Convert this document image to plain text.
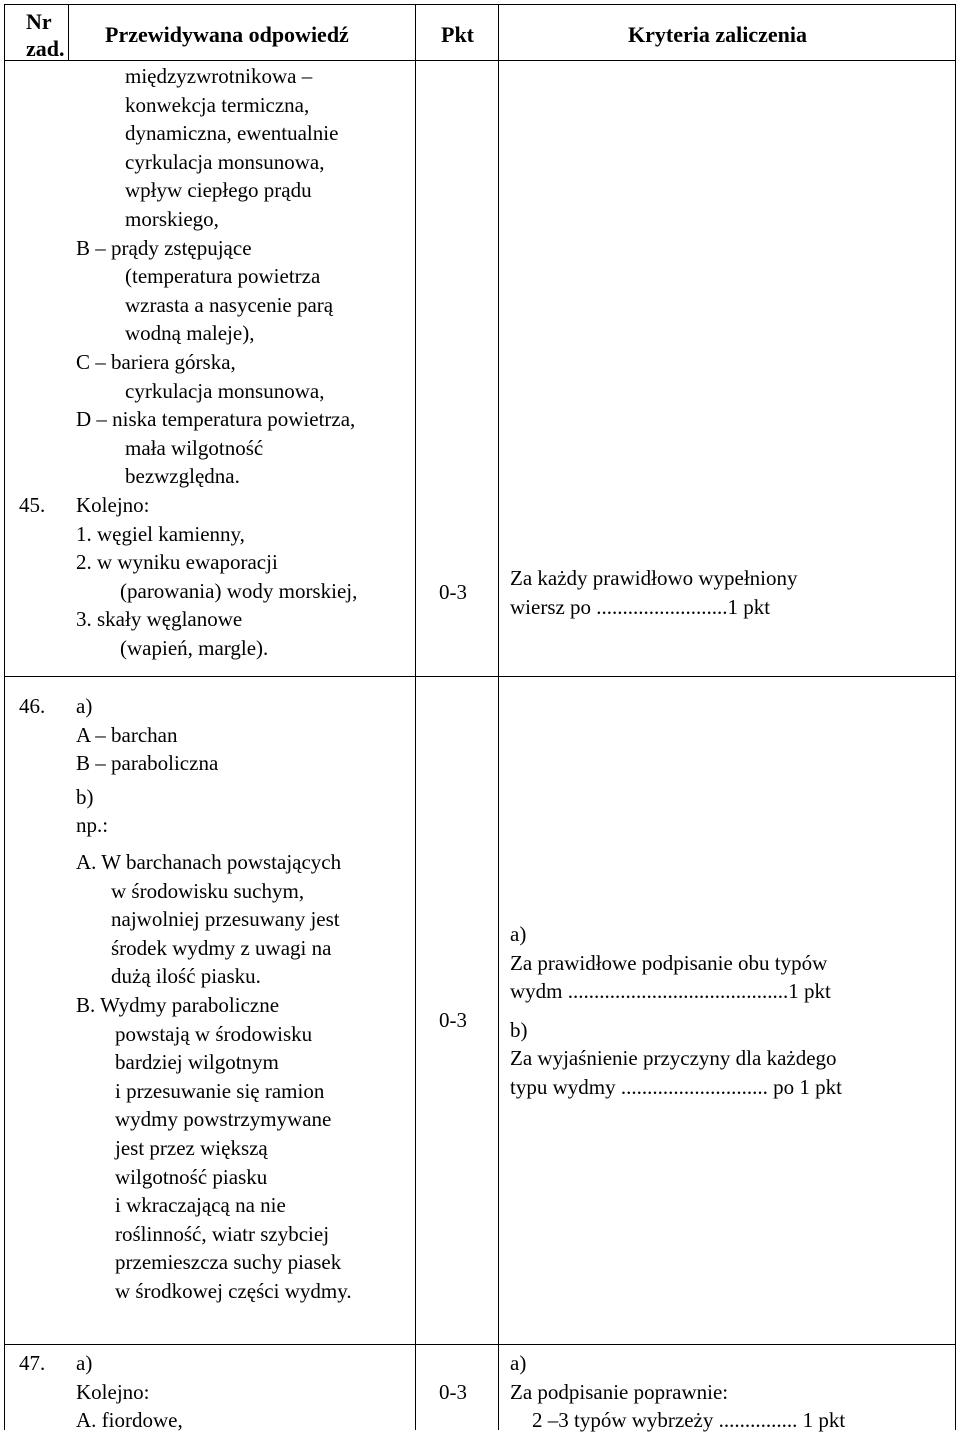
Nr
zad.
Przewidywana odpowiedź	Pkt	Kryteria zaliczenia
międzyzwrotnikowa –
konwekcja termiczna,
dynamiczna, ewentualnie
cyrkulacja monsunowa,
wpływ ciepłego prądu
morskiego,
B – prądy zstępujące
(temperatura powietrza
wzrasta a nasycenie parą
wodną maleje),
C – bariera górska,
cyrkulacja monsunowa,
D – niska temperatura powietrza,
mała wilgotność
bezwzględna.
45. Kolejno:
1. węgiel kamienny,
2. w wyniku ewaporacji
(parowania) wody morskiej,
3. skały węglanowe
(wapień, margle).
0-3
Za każdy prawidłowo wypełniony
wiersz po .........................1 pkt
46. a)
A – barchan
B – paraboliczna
b)
np.:
A. W barchanach powstających
w środowisku suchym,
najwolniej przesuwany jest
środek wydmy z uwagi na
dużą ilość piasku.
B. Wydmy paraboliczne
powstają w środowisku
bardziej wilgotnym
i przesuwanie się ramion
wydmy powstrzymywane
jest przez większą
wilgotność piasku
i wkraczającą na nie
roślinność, wiatr szybciej
przemieszcza suchy piasek
w środkowej części wydmy.
0-3
a)
Za prawidłowe podpisanie obu typów
wydm ..........................................1 pkt
b)
Za wyjaśnienie przyczyny dla każdego
typu wydmy ............................ po 1 pkt
47. a)
Kolejno:
A. fiordowe,
0-3
a)
Za podpisanie poprawnie:
2 –3 typów wybrzeży ............... 1 pkt
